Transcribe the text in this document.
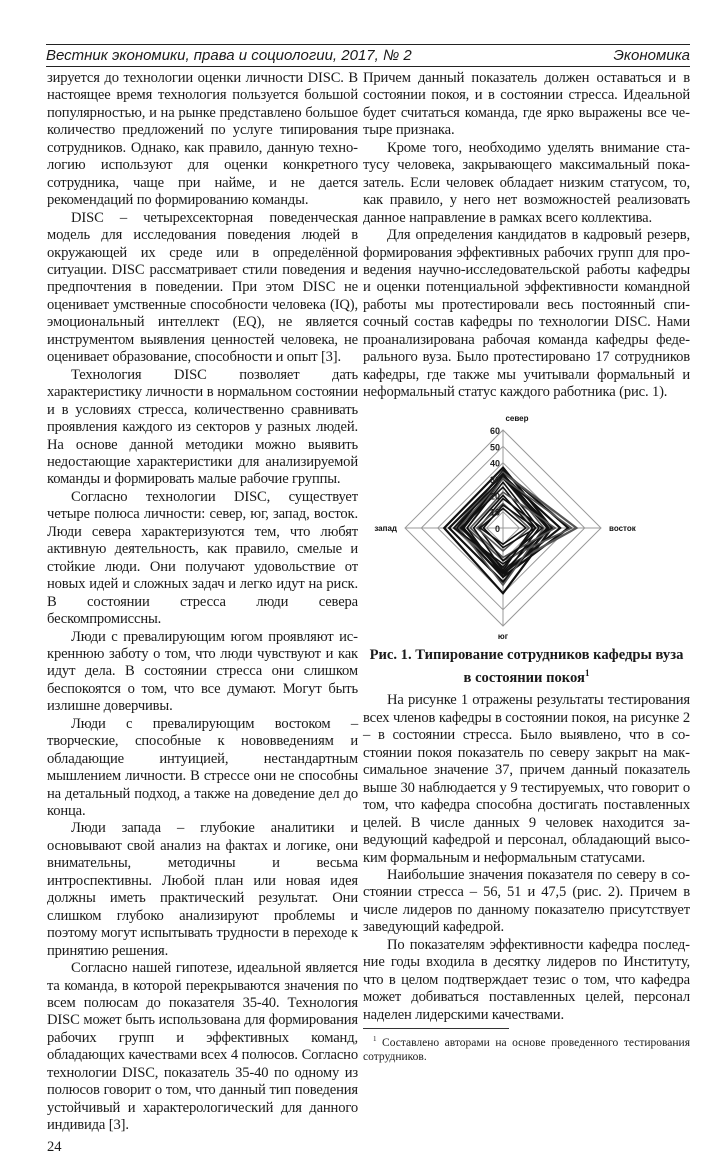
Вестник экономики, права и социологии, 2017, № 2	Экономика

зируется до технологии оценки личности DISC. В настоящее время технология пользуется большой популярностью, и на рынке представлено большое количество предложений по услуге типирования сотрудников. Однако, как правило, данную технологию используют для оценки конкретного сотрудника, чаще при найме, и не дается рекомендаций по формированию команды.

DISC – четырехсекторная поведенческая модель для исследования поведения людей в окружающей их среде или в определённой ситуации. DISC рассматривает стили поведения и предпочтения в поведении. При этом DISC не оценивает умственные способности человека (IQ), эмоциональный интеллект (EQ), не является инструментом выявления ценностей человека, не оценивает образование, способности и опыт [3].

Технология DISC позволяет дать характеристику личности в нормальном состоянии и в условиях стресса, количественно сравнивать проявления каждого из секторов у разных людей. На основе данной методики можно выявить недостающие характеристики для анализируемой команды и формировать малые рабочие группы.

Согласно технологии DISC, существует четыре полюса личности: север, юг, запад, восток. Люди севера характеризуются тем, что любят активную деятельность, как правило, смелые и стойкие люди. Они получают удовольствие от новых идей и сложных задач и легко идут на риск. В состоянии стресса люди севера бескомпромиссны.

Люди с превалирующим югом проявляют искреннюю заботу о том, что люди чувствуют и как идут дела. В состоянии стресса они слишком беспокоятся о том, что все думают. Могут быть излишне доверчивы.

Люди с превалирующим востоком – творческие, способные к нововведениям и обладающие интуицией, нестандартным мышлением личности. В стрессе они не способны на детальный подход, а также на доведение дел до конца.

Люди запада – глубокие аналитики и основывают свой анализ на фактах и логике, они внимательны, методичны и весьма интроспективны. Любой план или новая идея должны иметь практический результат. Они слишком глубоко анализируют проблемы и поэтому могут испытывать трудности в переходе к принятию решения.

Согласно нашей гипотезе, идеальной является та команда, в которой перекрываются значения по всем полюсам до показателя 35-40. Технология DISC может быть использована для формирования рабочих групп и эффективных команд, обладающих качествами всех 4 полюсов. Согласно технологии DISC, показатель 35-40 по одному из полюсов говорит о том, что данный тип поведения устойчивый и характерологический для данного индивида [3].

24

Причем данный показатель должен оставаться и в состоянии покоя, и в состоянии стресса. Идеальной будет считаться команда, где ярко выражены все четыре признака.

Кроме того, необходимо уделять внимание статусу человека, закрывающего максимальный показатель. Если человек обладает низким статусом, то, как правило, у него нет возможностей реализовать данное направление в рамках всего коллектива.

Для определения кандидатов в кадровый резерв, формирования эффективных рабочих групп для проведения научно-исследовательской работы кафедры и оценки потенциальной эффективности командной работы мы протестировали весь постоянный списочный состав кафедры по технологии DISC. Нами проанализирована рабочая команда кафедры федерального вуза. Было протестировано 17 сотрудников кафедры, где также мы учитывали формальный и неформальный статус каждого работника (рис. 1).

0
10
20
30
40
50
60
север
восток
юг
запад
Рис. 1. Типирование сотрудников кафедры вуза
в состоянии покоя$^1$

На рисунке 1 отражены результаты тестирования всех членов кафедры в состоянии покоя, на рисунке 2 – в состоянии стресса. Было выявлено, что в состоянии покоя показатель по северу закрыт на максимальное значение 37, причем данный показатель выше 30 наблюдается у 9 тестируемых, что говорит о том, что кафедра способна достигать поставленных целей. В числе данных 9 человек находится заведующий кафедрой и персонал, обладающий высоким формальным и неформальным статусами.

Наибольшие значения показателя по северу в состоянии стресса – 56, 51 и 47,5 (рис. 2). Причем в числе лидеров по данному показателю присутствует заведующий кафедрой.

По показателям эффективности кафедра последние годы входила в десятку лидеров по Институту, что в целом подтверждает тезис о том, что кафедра может добиваться поставленных целей, персонал наделен лидерскими качествами.

$^1$ Составлено авторами на основе проведенного тестирования сотрудников.
